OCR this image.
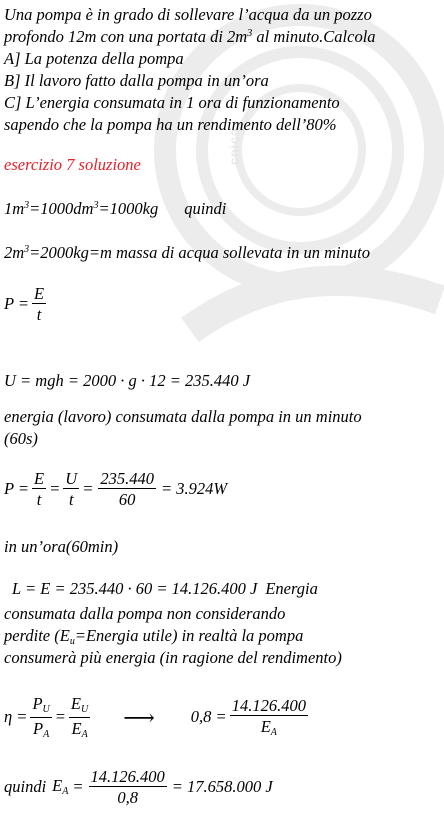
cnica
Una pompa è in grado di sollevare l’acqua da un pozzo
profondo 12m con una portata di $2m^3$ al minuto.Calcola
A] La potenza della pompa
B] Il lavoro fatto dalla pompa in un’ora
C] L’energia consumata in 1 ora di funzionamento
sapendo che la pompa ha un rendimento dell’80%
esercizio 7 soluzione
$1m^3=1000dm^3=1000kg$ quindi
$2m^3=2000kg=m$ massa di acqua sollevata in un minuto
$P = \frac{E}{t}$
U = mgh = 2000 · g · 12 = 235.440 J
energia (lavoro) consumata dalla pompa in un minuto
(60s)
$P = \frac{E}{t} = \frac{U}{t} = \frac{235.440}{60} = 3.924W$
in un’ora(60min)
L = E = 235.440 · 60 = 14.126.400 J Energia
consumata dalla pompa non considerando
perdite ($E_u=Energia$ utile) in realtà la pompa
consumerà più energia (in ragione del rendimento)
$\eta = \frac{P_U}{P_A} = \frac{E_U}{E_A}$ ⟶ $0,8 = \frac{14.126.400}{E_A}$
quindi $E_A = \frac{14.126.400}{0,8} = 17.658.000$ J
